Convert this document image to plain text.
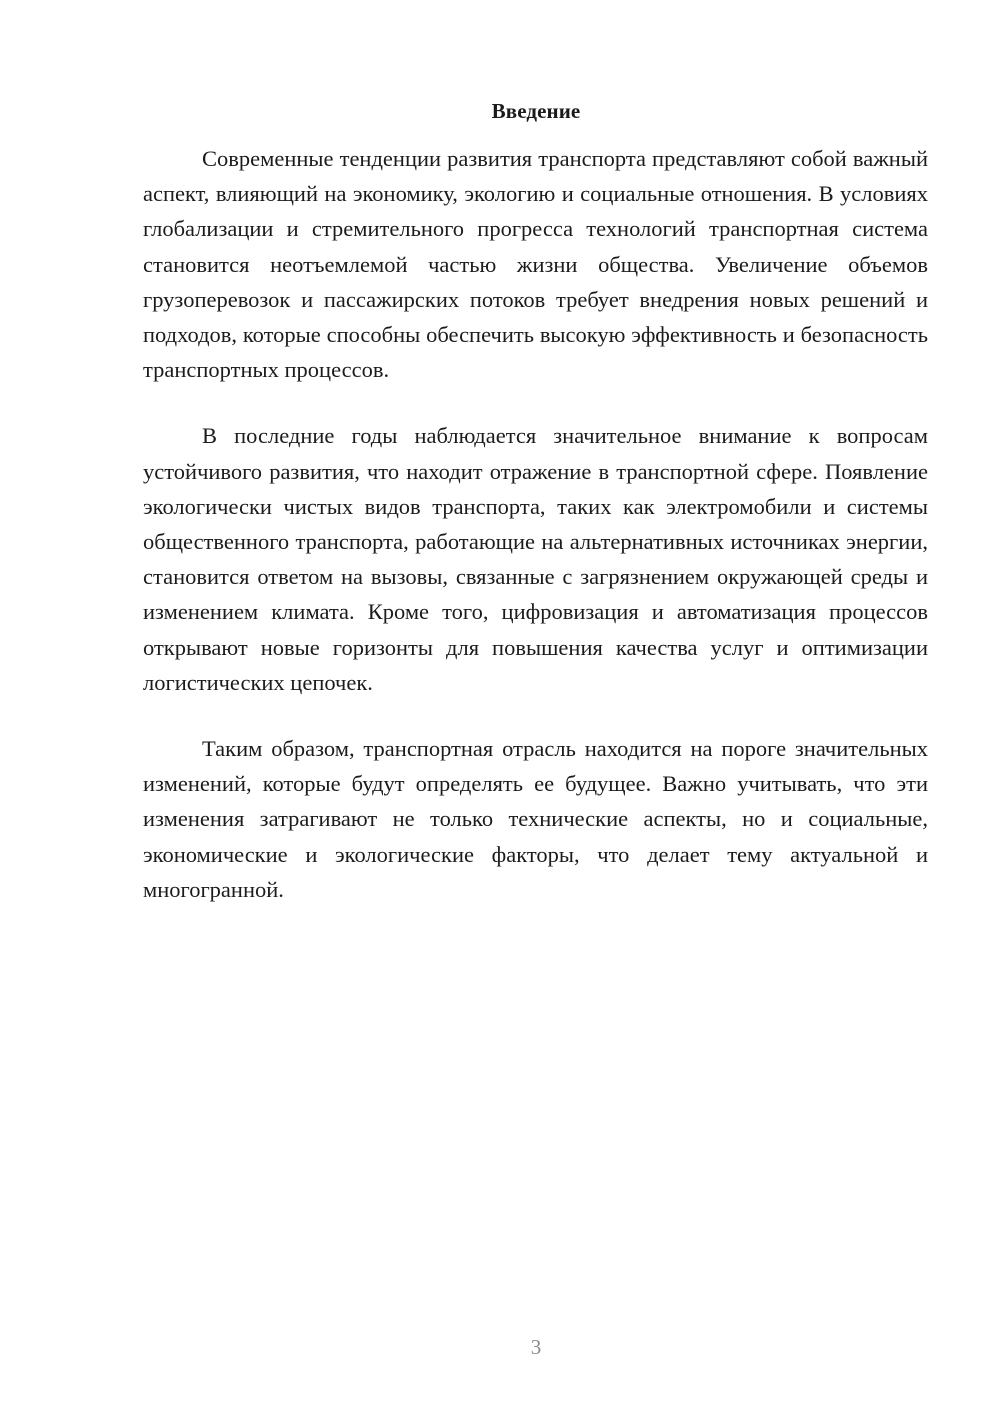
Введение

Современные тенденции развития транспорта представляют собой важный аспект, влияющий на экономику, экологию и социальные отношения. В условиях глобализации и стремительного прогресса технологий транспортная система становится неотъемлемой частью жизни общества. Увеличение объемов грузоперевозок и пассажирских потоков требует внедрения новых решений и подходов, которые способны обеспечить высокую эффективность и безопасность транспортных процессов.

В последние годы наблюдается значительное внимание к вопросам устойчивого развития, что находит отражение в транспортной сфере. Появление экологически чистых видов транспорта, таких как электромобили и системы общественного транспорта, работающие на альтернативных источниках энергии, становится ответом на вызовы, связанные с загрязнением окружающей среды и изменением климата. Кроме того, цифровизация и автоматизация процессов открывают новые горизонты для повышения качества услуг и оптимизации логистических цепочек.

Таким образом, транспортная отрасль находится на пороге значительных изменений, которые будут определять ее будущее. Важно учитывать, что эти изменения затрагивают не только технические аспекты, но и социальные, экономические и экологические факторы, что делает тему актуальной и многогранной.

3
